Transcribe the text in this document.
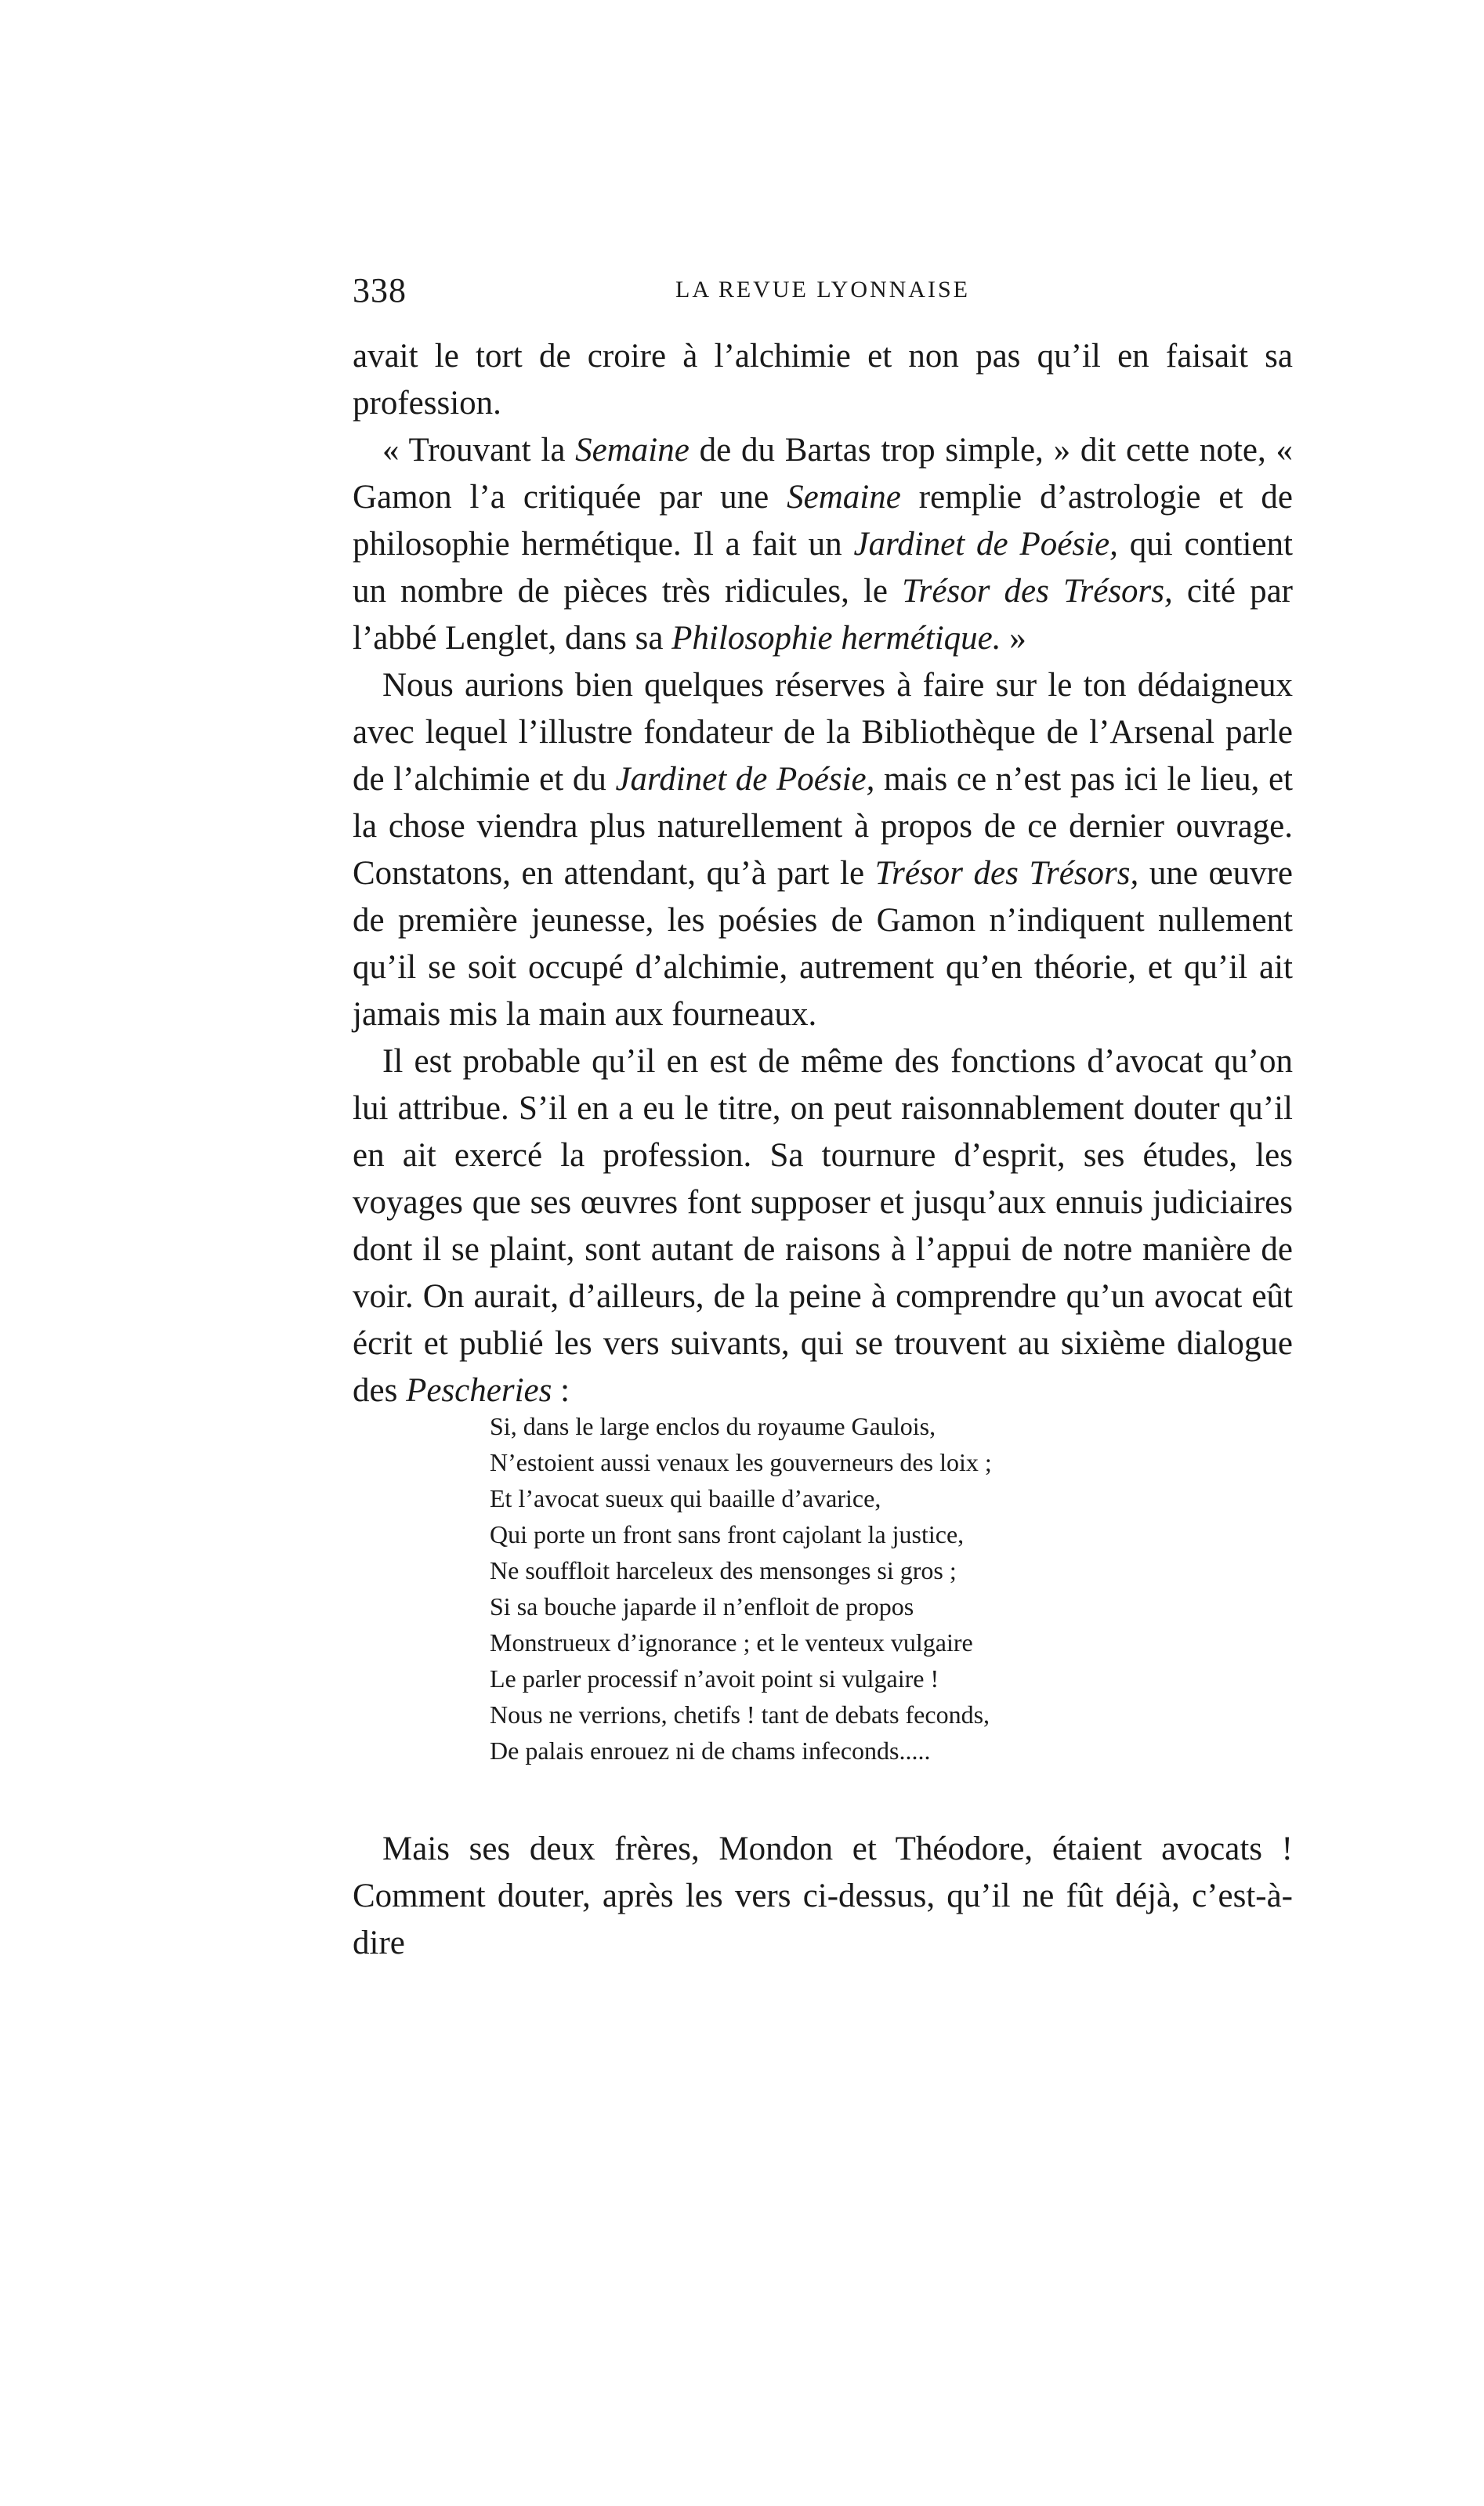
338	LA REVUE LYONNAISE

avait le tort de croire à l’alchimie et non pas qu’il en faisait sa profession.

« Trouvant la Semaine de du Bartas trop simple, » dit cette note, « Gamon l’a critiquée par une Semaine remplie d’astrologie et de philosophie hermétique. Il a fait un Jardinet de Poésie, qui contient un nombre de pièces très ridicules, le Trésor des Trésors, cité par l’abbé Lenglet, dans sa Philosophie hermétique. »

Nous aurions bien quelques réserves à faire sur le ton dédaigneux avec lequel l’illustre fondateur de la Bibliothèque de l’Arsenal parle de l’alchimie et du Jardinet de Poésie, mais ce n’est pas ici le lieu, et la chose viendra plus naturellement à propos de ce dernier ouvrage. Constatons, en attendant, qu’à part le Trésor des Trésors, une œuvre de première jeunesse, les poésies de Gamon n’indiquent nullement qu’il se soit occupé d’alchimie, autrement qu’en théorie, et qu’il ait jamais mis la main aux fourneaux.

Il est probable qu’il en est de même des fonctions d’avocat qu’on lui attribue. S’il en a eu le titre, on peut raisonnablement douter qu’il en ait exercé la profession. Sa tournure d’esprit, ses études, les voyages que ses œuvres font supposer et jusqu’aux ennuis judiciaires dont il se plaint, sont autant de raisons à l’appui de notre manière de voir. On aurait, d’ailleurs, de la peine à comprendre qu’un avocat eût écrit et publié les vers suivants, qui se trouvent au sixième dialogue des Pescheries :

Si, dans le large enclos du royaume Gaulois,
N’estoient aussi venaux les gouverneurs des loix ;
Et l’avocat sueux qui baaille d’avarice,
Qui porte un front sans front cajolant la justice,
Ne souffloit harceleux des mensonges si gros ;
Si sa bouche japarde il n’enfloit de propos
Monstrueux d’ignorance ; et le venteux vulgaire
Le parler processif n’avoit point si vulgaire !
Nous ne verrions, chetifs ! tant de debats feconds,
De palais enrouez ni de chams infeconds.....

Mais ses deux frères, Mondon et Théodore, étaient avocats ! Comment douter, après les vers ci-dessus, qu’il ne fût déjà, c’est-à-dire
